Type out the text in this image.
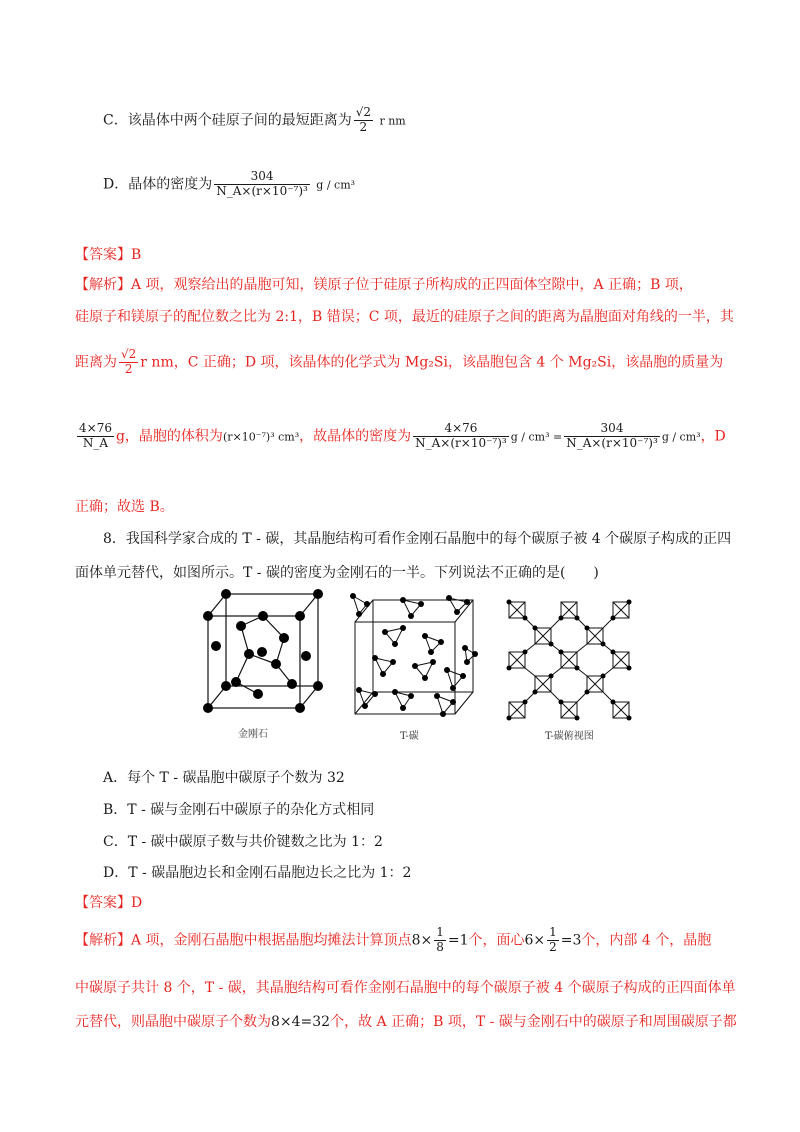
C．该晶体中两个硅原子间的最短距离为 $\frac{√2}{2}$ r nm
D．晶体的密度为 $\frac{304}{\text{N\_A×(r×10⁻⁷)³}}$ g / cm³
【答案】B
【解析】A 项，观察给出的晶胞可知，镁原子位于硅原子所构成的正四面体空隙中，A 正确；B 项，
硅原子和镁原子的配位数之比为 2:1，B 错误；C 项，最近的硅原子之间的距离为晶胞面对角线的一半，其
距离为 $\frac{√2}{2}$ r nm，C 正确；D 项，该晶体的化学式为 Mg₂Si，该晶胞包含 4 个 Mg₂Si，该晶胞的质量为
$\frac{4\times 76}{N\_A}$ g，晶胞的体积为(r×10⁻⁷)³ cm³，故晶体的密度为 $\frac{4\times 76}{\text{N\_A×(r×10⁻⁷)³}}$ $g / cm^3 = \frac{304}{\text{N\_A×(r×10⁻⁷)³}}$ g / cm³，D
正确；故选 B。
8．我国科学家合成的 T - 碳，其晶胞结构可看作金刚石晶胞中的每个碳原子被 4 个碳原子构成的正四
面体单元替代，如图所示。T - 碳的密度为金刚石的一半。下列说法不正确的是(　　)
金刚石	T-碳	T-碳俯视图
A．每个 T - 碳晶胞中碳原子个数为 32
B．T - 碳与金刚石中碳原子的杂化方式相同
C．T - 碳中碳原子数与共价键数之比为 1：2
D．T - 碳晶胞边长和金刚石晶胞边长之比为 1：2
【答案】D
【解析】A 项，金刚石晶胞中根据晶胞均摊法计算顶点$8\times \frac{1}{8} =1$个，面心$6\times \frac{1}{2} =3$个，内部 4 个，晶胞
中碳原子共计 8 个，T - 碳，其晶胞结构可看作金刚石晶胞中的每个碳原子被 4 个碳原子构成的正四面体单
元替代，则晶胞中碳原子个数为8×4=32个，故 A 正确；B 项，T - 碳与金刚石中的碳原子和周围碳原子都
